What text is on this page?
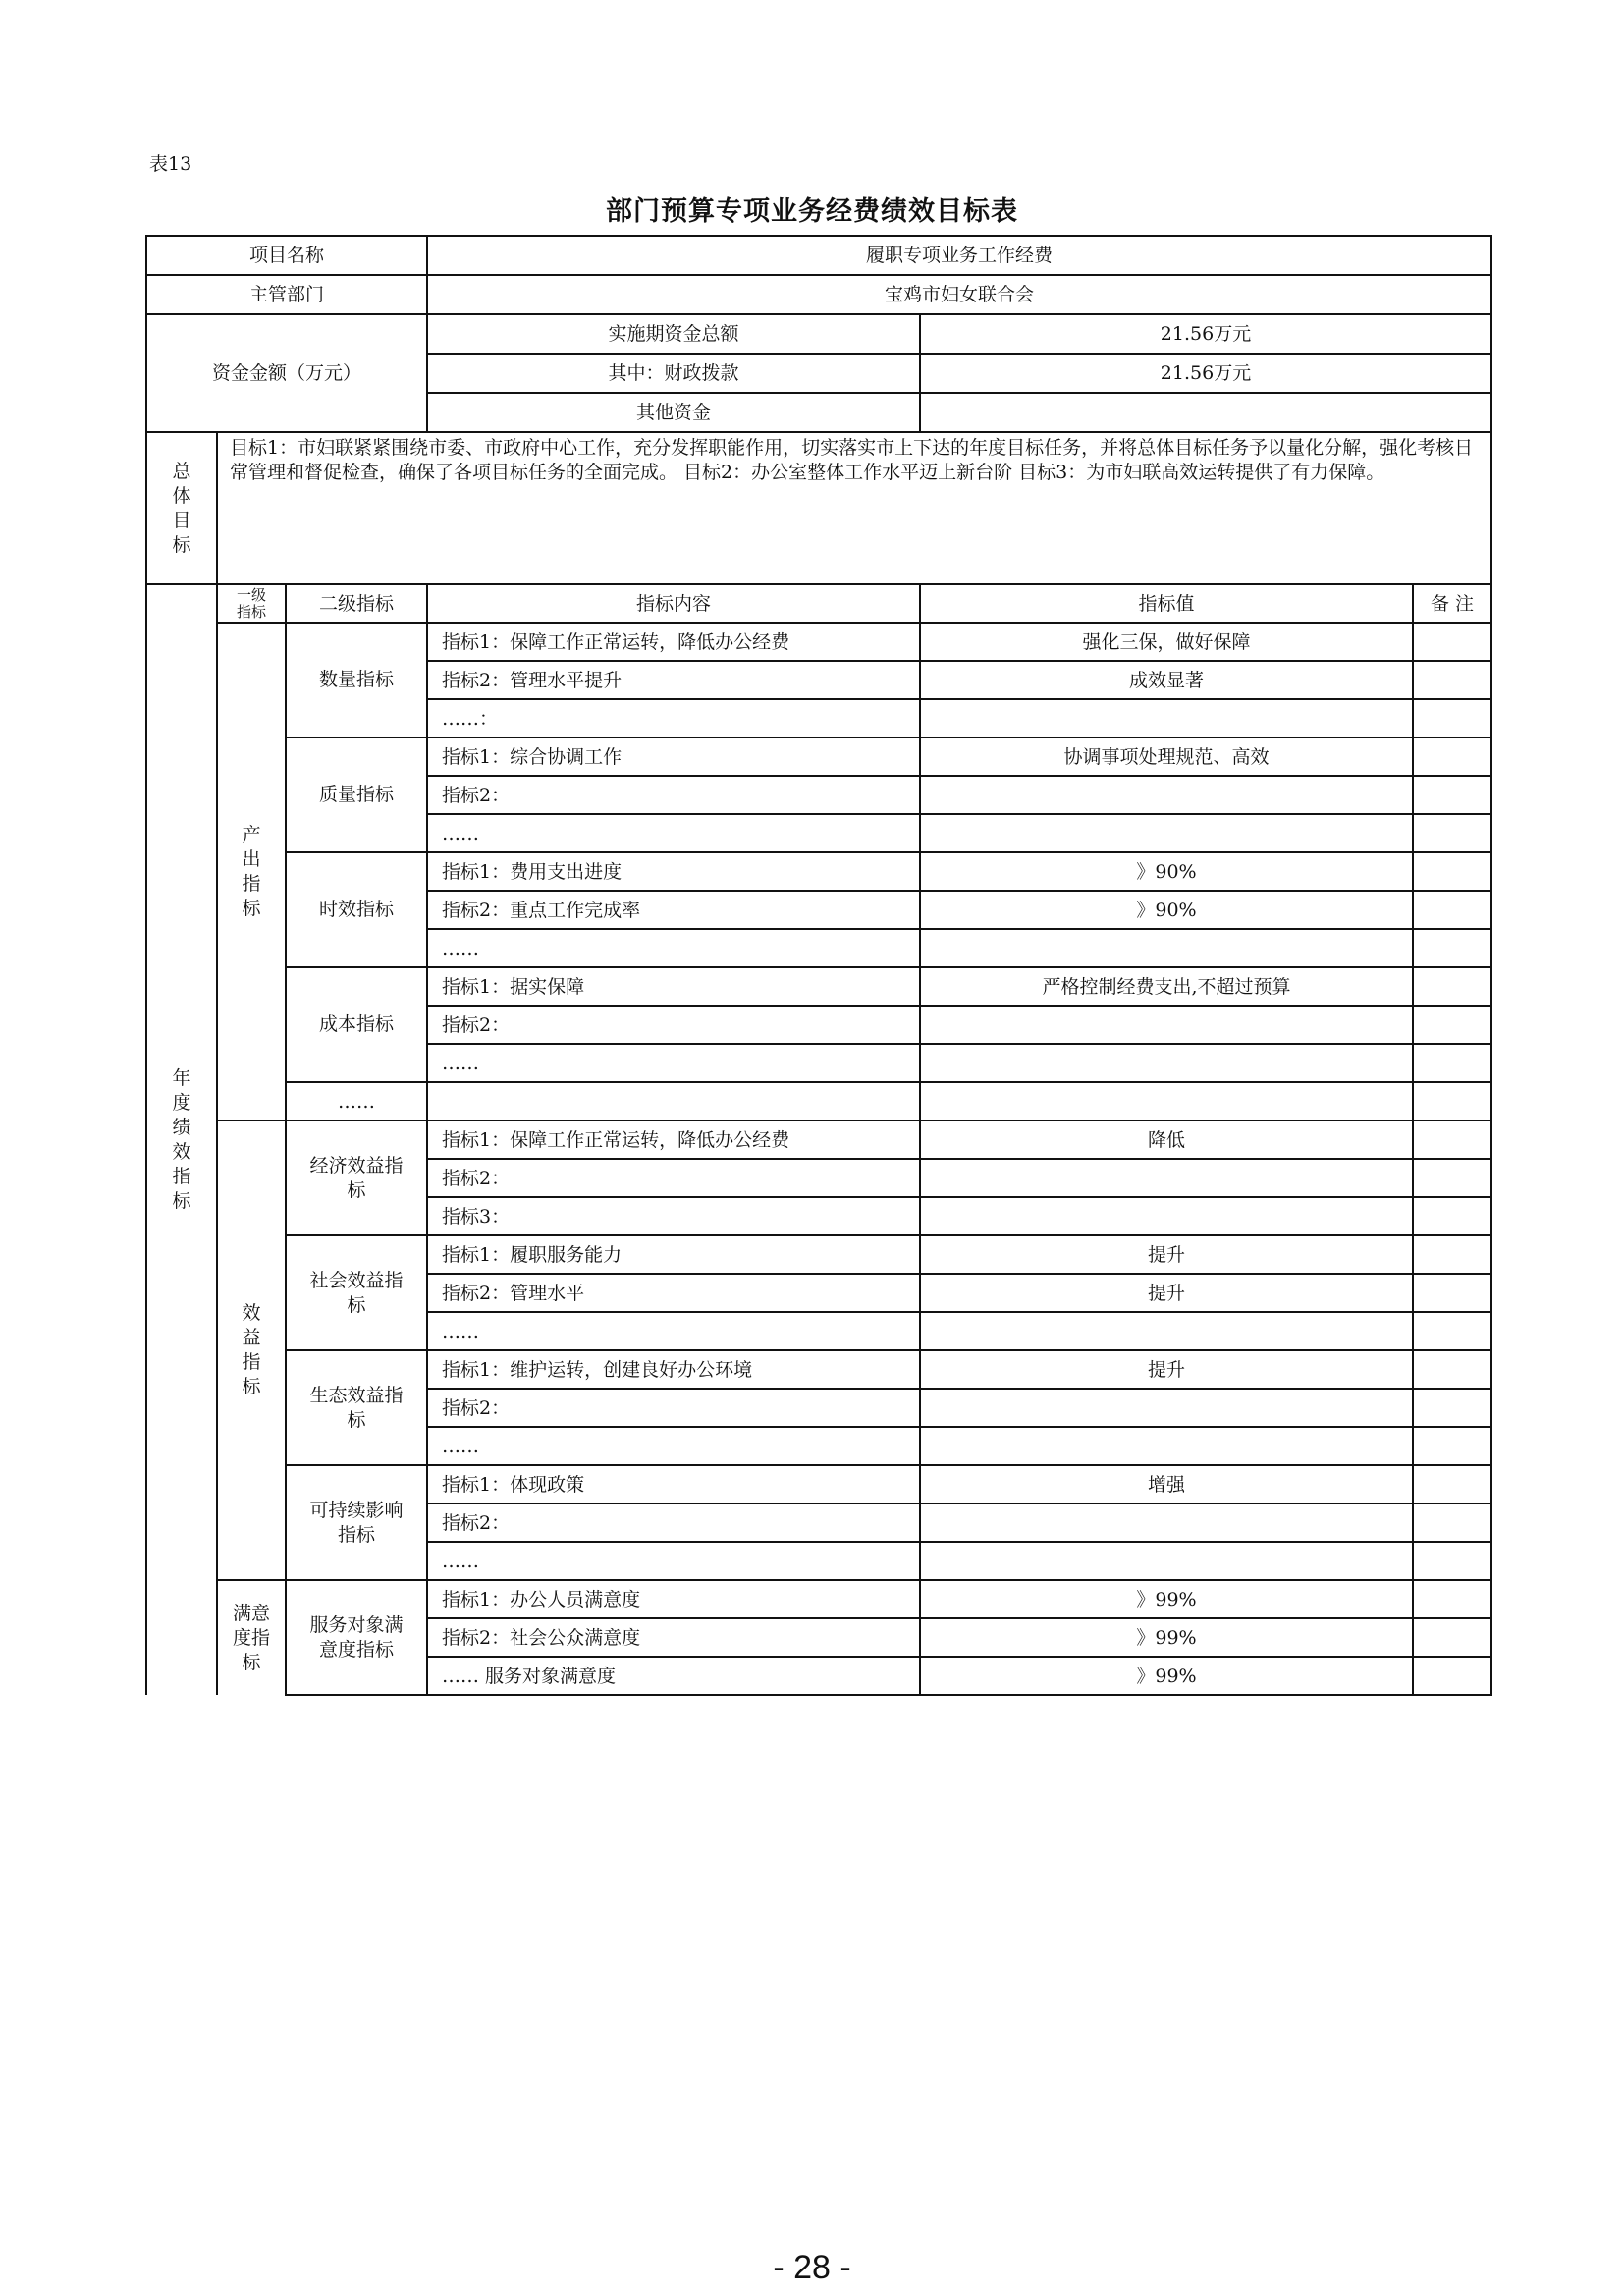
表13
部门预算专项业务经费绩效目标表
项目名称			履职专项业务工作经费		
主管部门			宝鸡市妇女联合会		
资金金额（万元）			实施期资金总额	21.56万元	
			其中：财政拨款	21.56万元	
			其他资金		
总体目标	目标1：市妇联紧紧围绕市委、市政府中心工作，充分发挥职能作用，切实落实市上下达的年度目标任务，并将总体目标任务予以量化分解，强化考核日常管理和督促检查，确保了各项目标任务的全面完成。 目标2：办公室整体工作水平迈上新台阶 目标3：为市妇联高效运转提供了有力保障。				
年度绩效指标	一级指标	二级指标	指标内容	指标值	备 注
	产出指标	数量指标	指标1：保障工作正常运转，降低办公经费	强化三保，做好保障	
			指标2：管理水平提升	成效显著	
			……：		
		质量指标	指标1：综合协调工作	协调事项处理规范、高效	
			指标2：		
			……		
		时效指标	指标1：费用支出进度	》90%	
			指标2：重点工作完成率	》90%	
			……		
		成本指标	指标1：据实保障	严格控制经费支出,不超过预算	
			指标2：		
			……		
		……			
	效益指标	经济效益指标	指标1：保障工作正常运转，降低办公经费	降低	
			指标2：		
			指标3：		
		社会效益指标	指标1：履职服务能力	提升	
			指标2：管理水平	提升	
			……		
		生态效益指标	指标1：维护运转，创建良好办公环境	提升	
			指标2：		
			……		
		可持续影响指标	指标1：体现政策	增强	
			指标2：		
			……		
	满意度指标	服务对象满意度指标	指标1：办公人员满意度	》99%	
			指标2：社会公众满意度	》99%	
			…… 服务对象满意度	》99%	
- 28 -
